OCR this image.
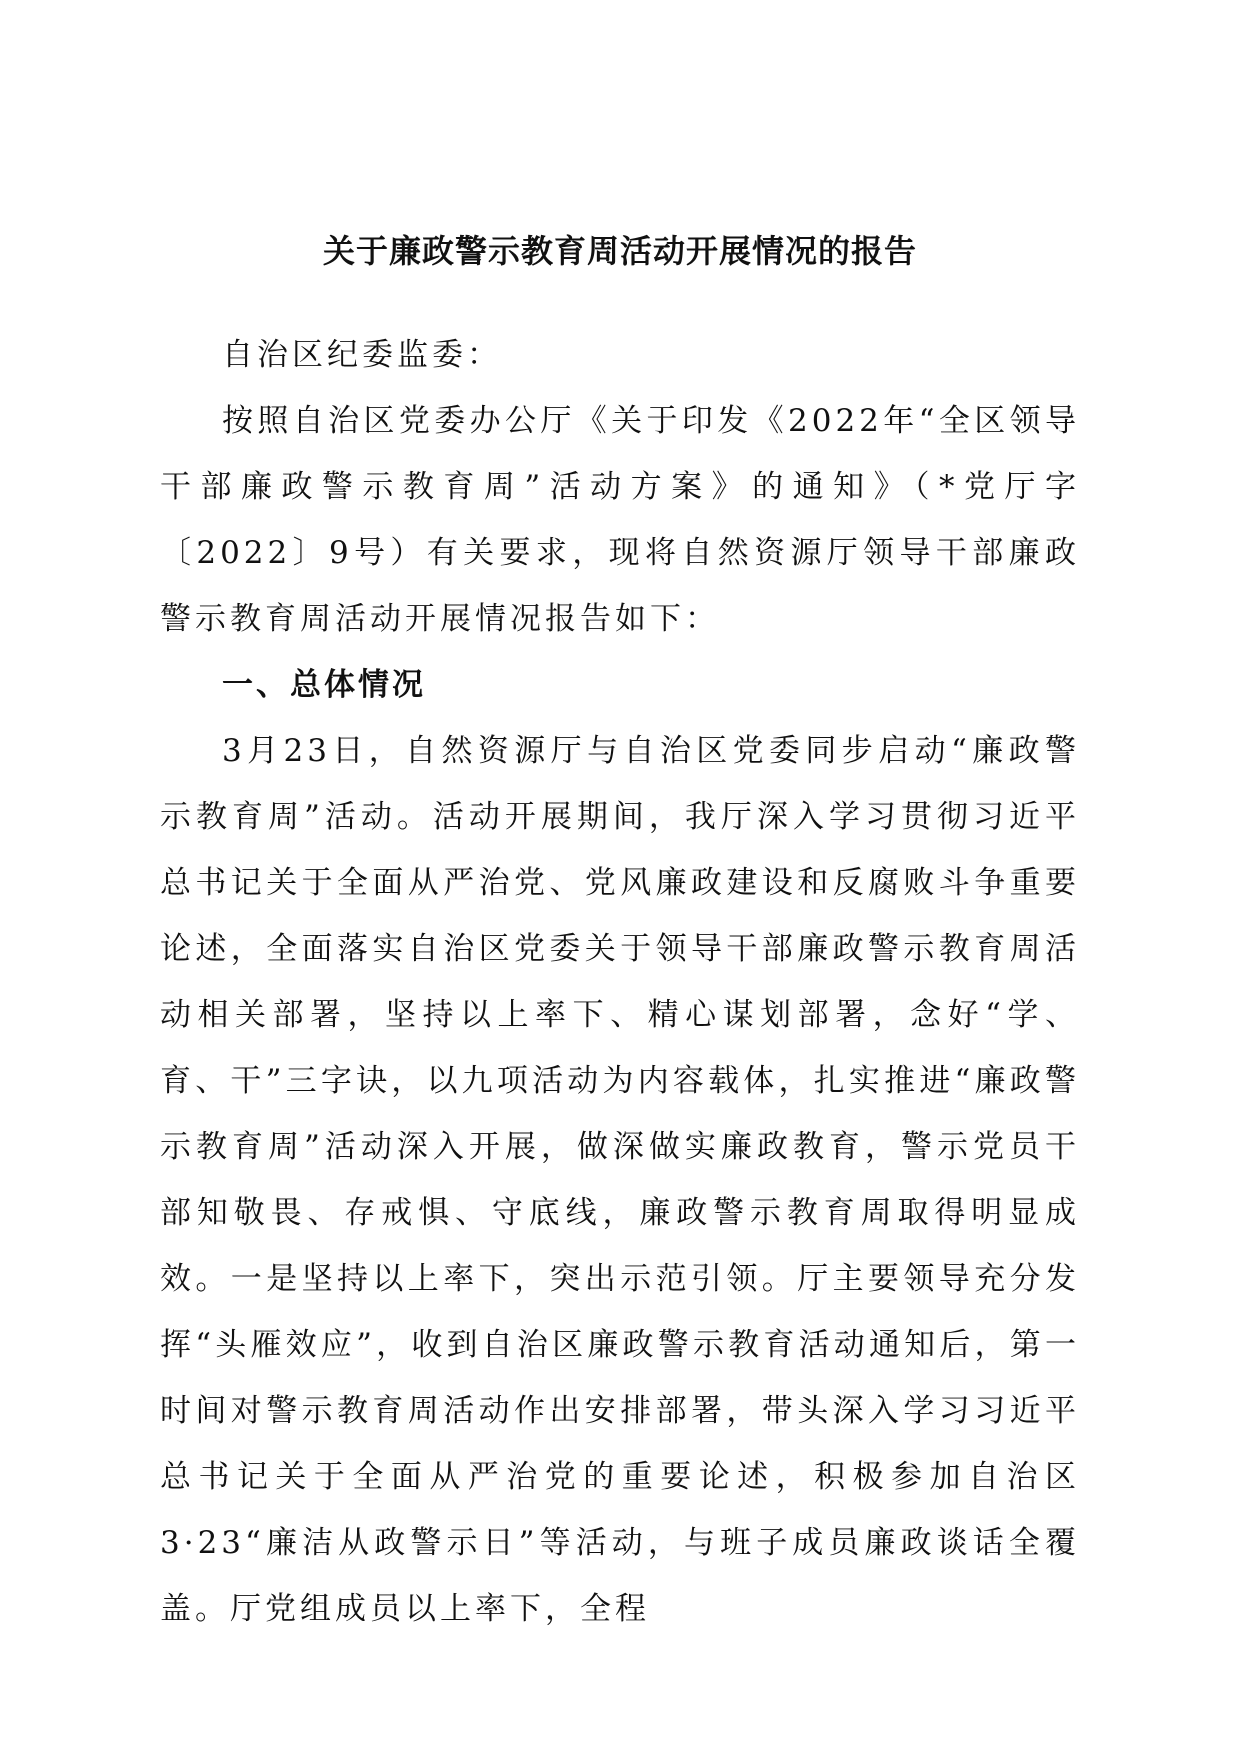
关于廉政警示教育周活动开展情况的报告

自治区纪委监委：

按照自治区党委办公厅《关于印发《2022年“全区领导干部廉政警示教育周”活动方案》的通知》（*党厅字〔2022〕9号）有关要求，现将自然资源厅领导干部廉政警示教育周活动开展情况报告如下：

一、总体情况

3月23日，自然资源厅与自治区党委同步启动“廉政警示教育周”活动。活动开展期间，我厅深入学习贯彻习近平总书记关于全面从严治党、党风廉政建设和反腐败斗争重要论述，全面落实自治区党委关于领导干部廉政警示教育周活动相关部署，坚持以上率下、精心谋划部署，念好“学、育、干”三字诀，以九项活动为内容载体，扎实推进“廉政警示教育周”活动深入开展，做深做实廉政教育，警示党员干部知敬畏、存戒惧、守底线，廉政警示教育周取得明显成效。一是坚持以上率下，突出示范引领。厅主要领导充分发挥“头雁效应”，收到自治区廉政警示教育活动通知后，第一时间对警示教育周活动作出安排部署，带头深入学习习近平总书记关于全面从严治党的重要论述，积极参加自治区3·23“廉洁从政警示日”等活动，与班子成员廉政谈话全覆盖。厅党组成员以上率下，全程
